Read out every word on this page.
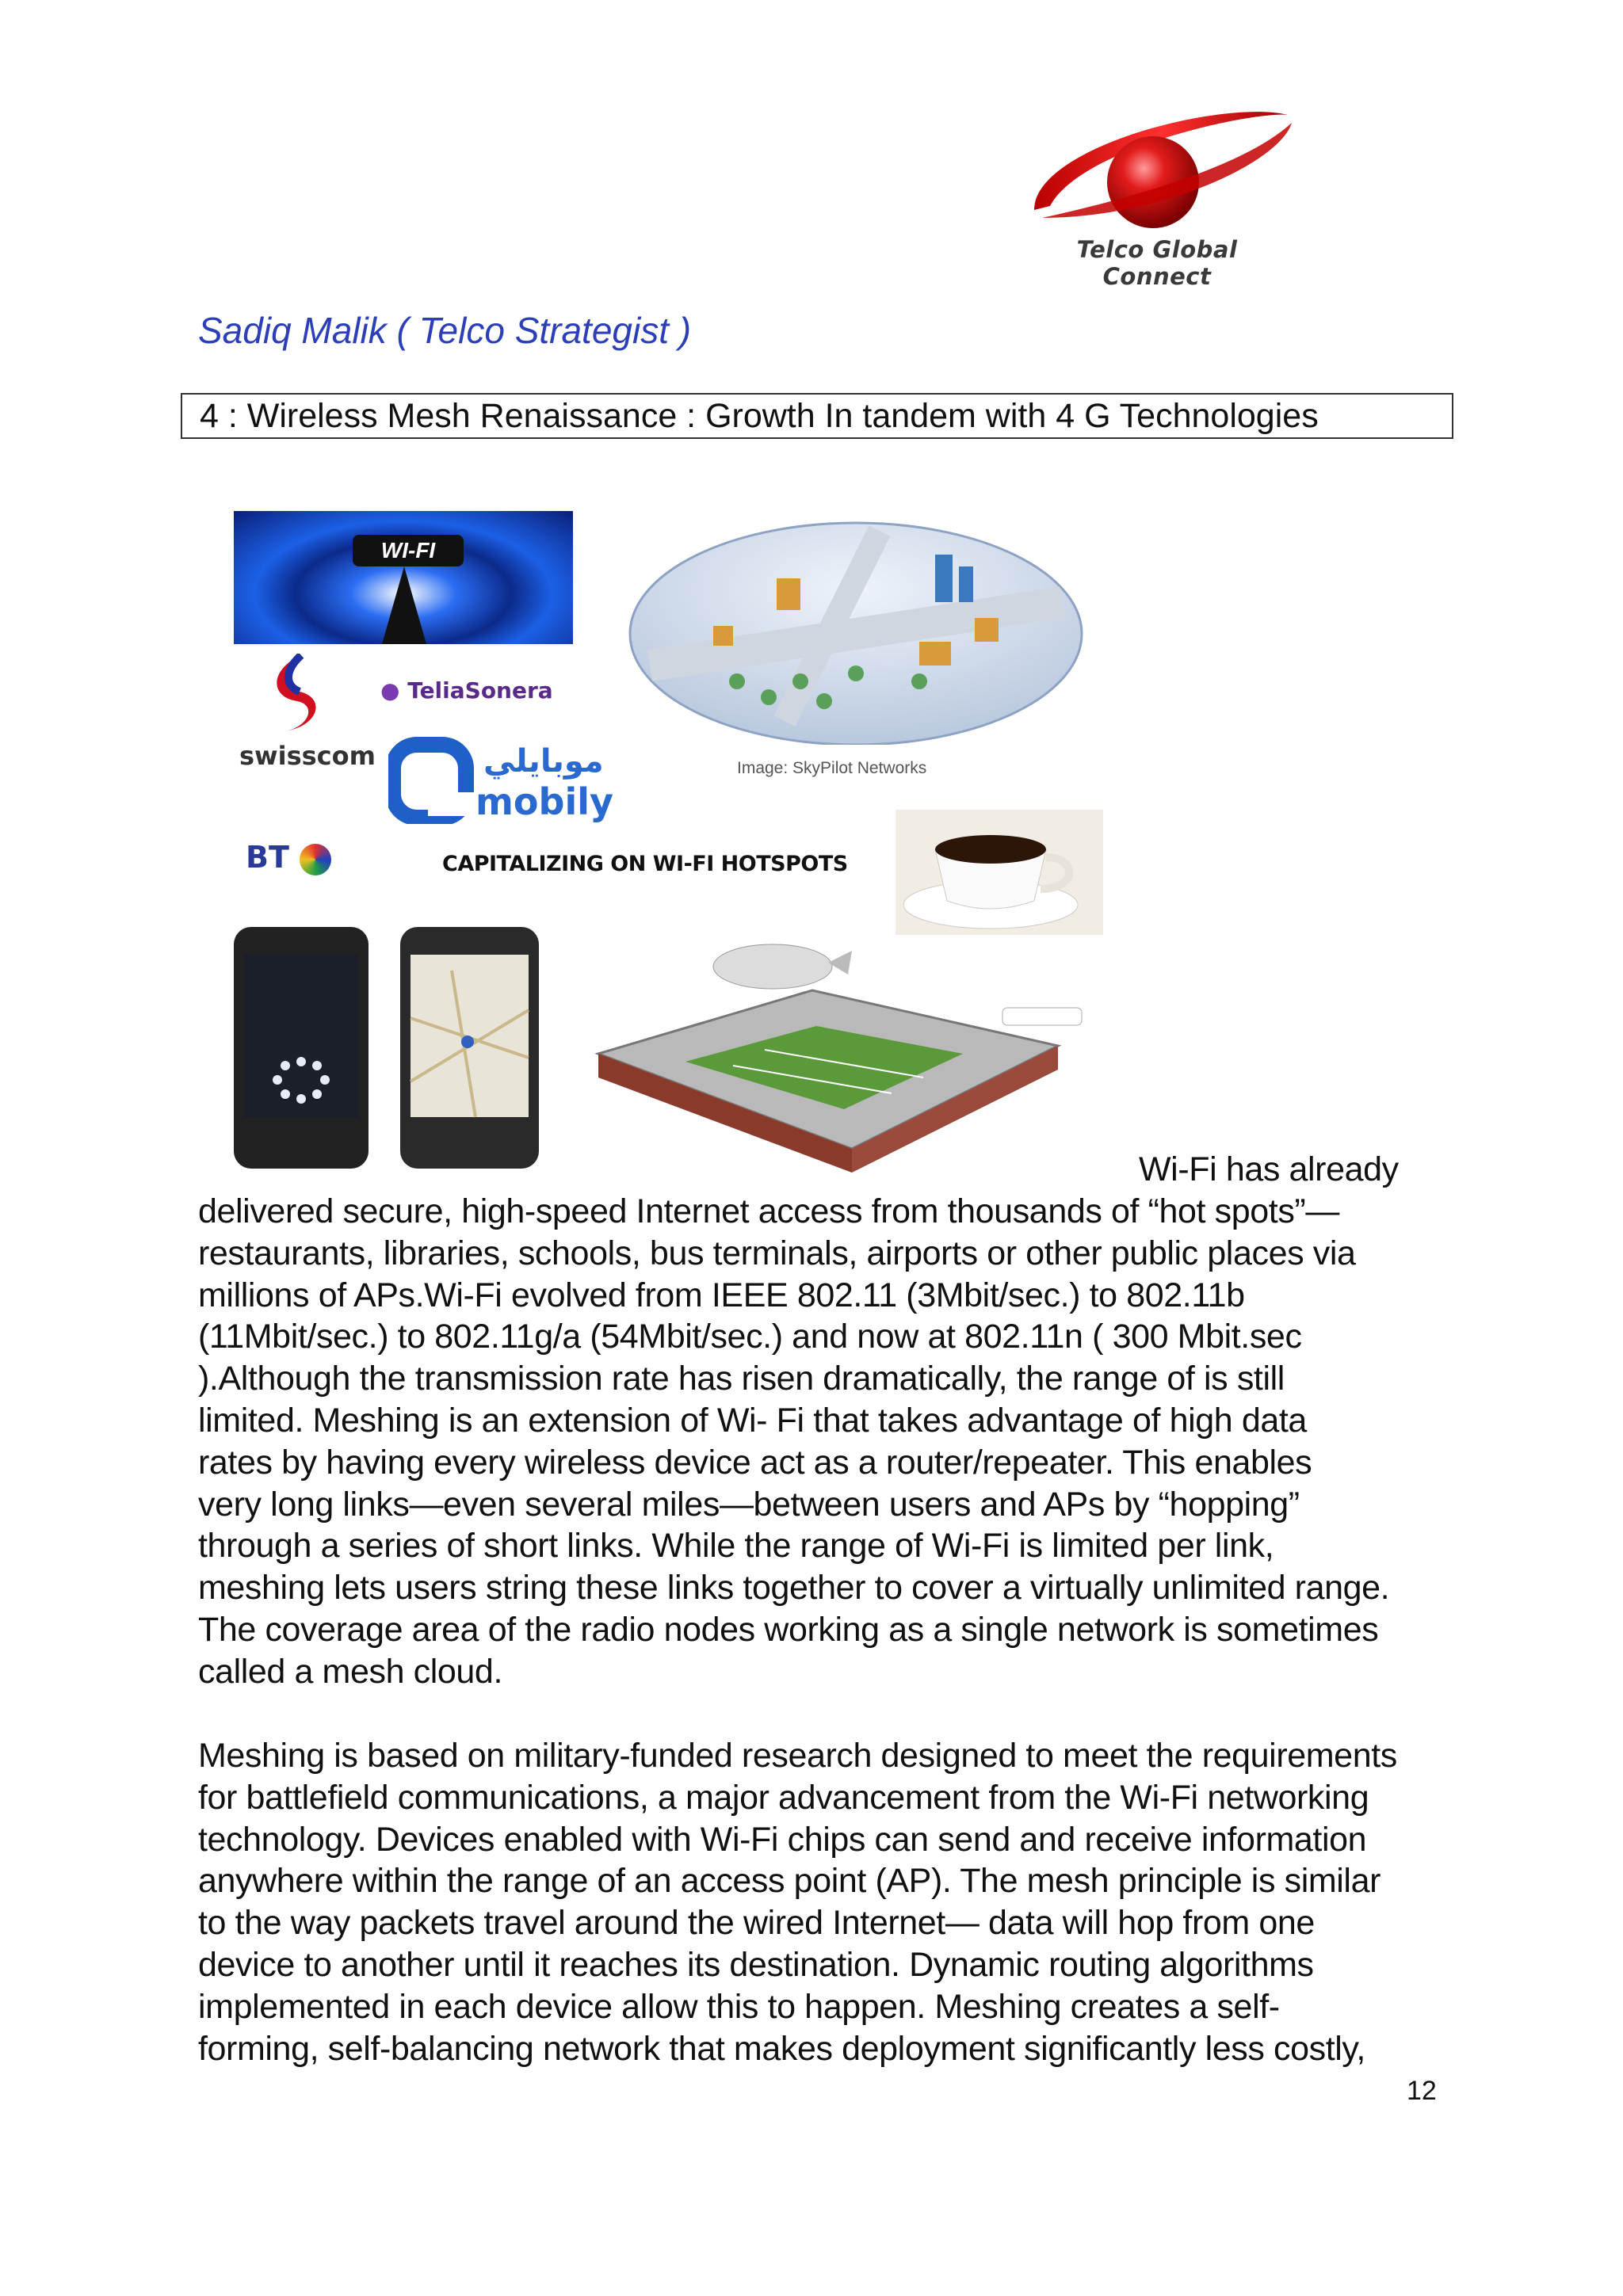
Telco Global Connect
Sadiq Malik ( Telco Strategist )
4 : Wireless Mesh Renaissance : Growth In tandem with 4 G Technologies
WI-FI
swisscom
● TeliaSonera
موبايلي
mobily
BT	CAPITALIZING ON WI-FI HOTSPOTS
Image: SkyPilot Networks
Wi-Fi has already
delivered secure, high-speed Internet access from thousands of “hot spots”—
restaurants, libraries, schools, bus terminals, airports or other public places via
millions of APs.Wi-Fi evolved from IEEE 802.11 (3Mbit/sec.) to 802.11b
(11Mbit/sec.) to 802.11g/a (54Mbit/sec.) and now at 802.11n ( 300 Mbit.sec
).Although the transmission rate has risen dramatically, the range of is still
limited. Meshing is an extension of Wi- Fi that takes advantage of high data
rates by having every wireless device act as a router/repeater. This enables
very long links—even several miles—between users and APs by “hopping”
through a series of short links. While the range of Wi-Fi is limited per link,
meshing lets users string these links together to cover a virtually unlimited range.
The coverage area of the radio nodes working as a single network is sometimes
called a mesh cloud.
Meshing is based on military-funded research designed to meet the requirements
for battlefield communications, a major advancement from the Wi-Fi networking
technology. Devices enabled with Wi-Fi chips can send and receive information
anywhere within the range of an access point (AP). The mesh principle is similar
to the way packets travel around the wired Internet— data will hop from one
device to another until it reaches its destination. Dynamic routing algorithms
implemented in each device allow this to happen. Meshing creates a self-
forming, self-balancing network that makes deployment significantly less costly,
12
